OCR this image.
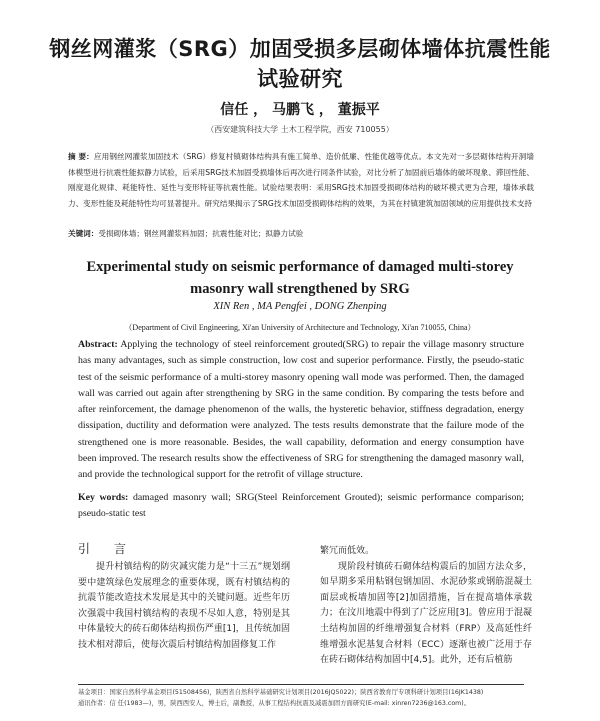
钢丝网灌浆（SRG）加固受损多层砌体墙体抗震性能试验研究
信任 ， 马鹏飞 ， 董振平
（西安建筑科技大学 土木工程学院，西安 710055）
摘 要：应用钢丝网灌浆加固技术（SRG）修复村镇砌体结构具有施工简单、造价低廉、性能优越等优点。本文先对一多层砌体结构开洞墙体模型进行抗震性能拟静力试验，后采用SRG技术加固受损墙体后再次进行同条件试验，对比分析了加固前后墙体的破坏现象、滞回性能、刚度退化规律、耗能特性、延性与变形特征等抗震性能。试验结果表明：采用SRG技术加固受损砌体结构的破坏模式更为合理，墙体承载力、变形性能及耗能特性均可显著提升。研究结果揭示了SRG技术加固受损砌体结构的效果，为其在村镇建筑加固领域的应用提供技术支持
关键词：受损砌体墙；钢丝网灌浆料加固；抗震性能对比；拟静力试验
Experimental study on seismic performance of damaged multi-storey masonry wall strengthened by SRG
XIN Ren , MA Pengfei , DONG Zhenping
（Department of Civil Engineering, Xi'an University of Architecture and Technology, Xi'an 710055, China）
Abstract: Applying the technology of steel reinforcement grouted(SRG) to repair the village masonry structure has many advantages, such as simple construction, low cost and superior performance. Firstly, the pseudo-static test of the seismic performance of a multi-storey masonry opening wall mode was performed. Then, the damaged wall was carried out again after strengthening by SRG in the same condition. By comparing the tests before and after reinforcement, the damage phenomenon of the walls, the hysteretic behavior, stiffness degradation, energy dissipation, ductility and deformation were analyzed. The tests results demonstrate that the failure mode of the strengthened one is more reasonable. Besides, the wall capability, deformation and energy consumption have been improved. The research results show the effectiveness of SRG for strengthening the damaged masonry wall, and provide the technological support for the retrofit of village structure.
Key words: damaged masonry wall; SRG(Steel Reinforcement Grouted); seismic performance comparison; pseudo-static test
引 言

提升村镇结构的防灾减灾能力是“十三五”规划纲要中建筑绿色发展理念的重要体现，既有村镇结构的抗震节能改造技术发展是其中的关键问题。近些年历次强震中我国村镇结构的表现不尽如人意，特别是其中体量较大的砖石砌体结构损伤严重[1]，且传统加固技术相对滞后，使每次震后村镇结构加固修复工作

繁冗而低效。

现阶段村镇砖石砌体结构震后的加固方法众多，如早期多采用粘钢包钢加固、水泥砂浆或钢筋混凝土面层或板墙加固等[2]加固措施，旨在提高墙体承载力；在汶川地震中得到了广泛应用[3]。曾应用于混凝土结构加固的纤维增强复合材料（FRP）及高延性纤维增强水泥基复合材料（ECC）逐渐也被广泛用于存在砖石砌体结构加固中[4,5]。此外，还有后植筋

基金项目：国家自然科学基金项目(51508456)，陕西省自然科学基础研究计划项目(2016JQ5022)；陕西省教育厅专项科研计划项目(16JK1438)
通讯作者：信 任(1983—)，男，陕西西安人，博士后，副教授，从事工程结构抗震及减震加固方面研究(E-mail: xinren7236@163.com)。
